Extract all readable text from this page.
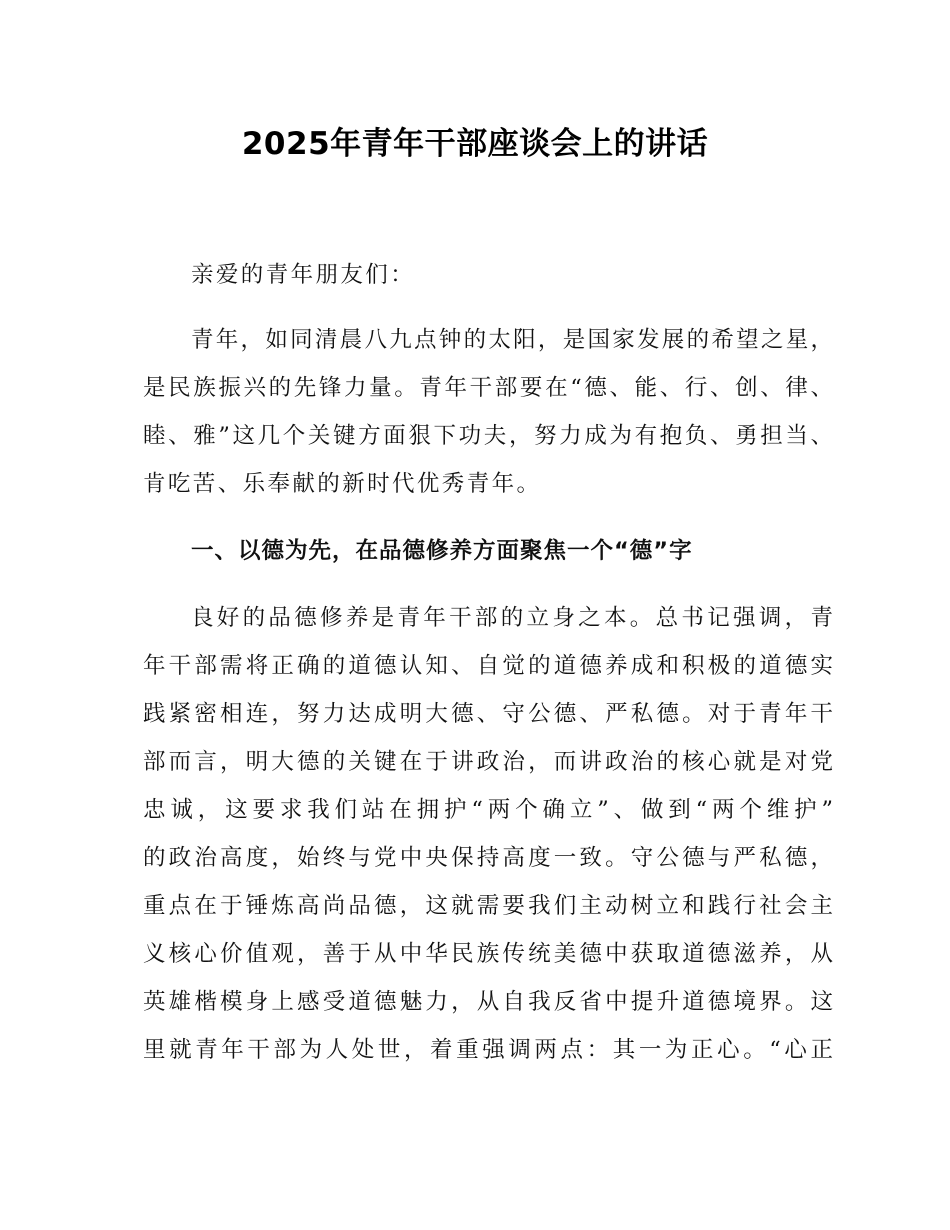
2025年青年干部座谈会上的讲话

亲爱的青年朋友们：

青年，如同清晨八九点钟的太阳，是国家发展的希望之星，

是民族振兴的先锋力量。青年干部要在“德、能、行、创、律、

睦、雅”这几个关键方面狠下功夫，努力成为有抱负、勇担当、

肯吃苦、乐奉献的新时代优秀青年。

一、以德为先，在品德修养方面聚焦一个“德”字

良好的品德修养是青年干部的立身之本。总书记强调，青

年干部需将正确的道德认知、自觉的道德养成和积极的道德实

践紧密相连，努力达成明大德、守公德、严私德。对于青年干

部而言，明大德的关键在于讲政治，而讲政治的核心就是对党

忠诚，这要求我们站在拥护“两个确立”、做到“两个维护”

的政治高度，始终与党中央保持高度一致。守公德与严私德，

重点在于锤炼高尚品德，这就需要我们主动树立和践行社会主

义核心价值观，善于从中华民族传统美德中获取道德滋养，从

英雄楷模身上感受道德魅力，从自我反省中提升道德境界。这

里就青年干部为人处世，着重强调两点：其一为正心。“心正
